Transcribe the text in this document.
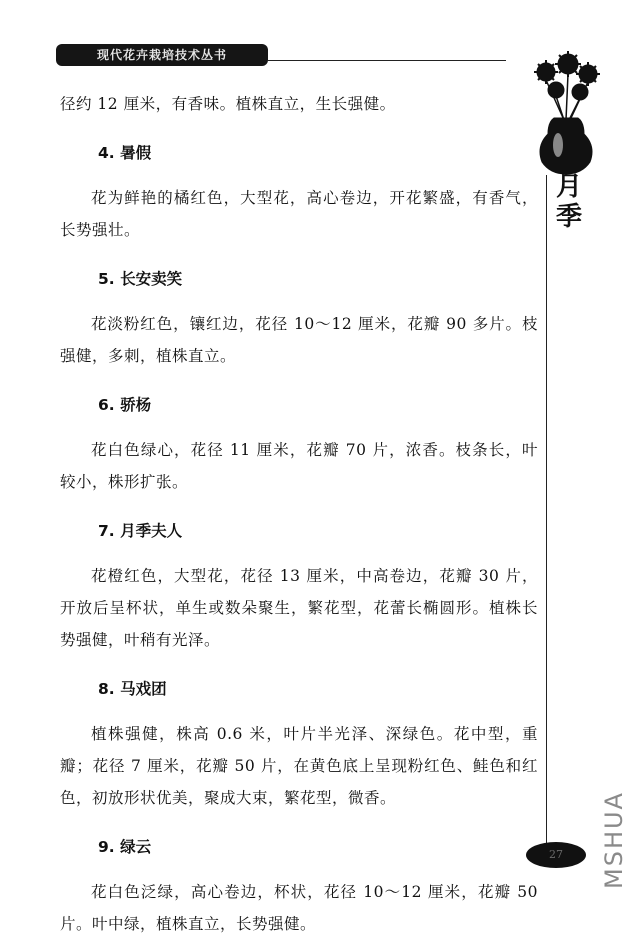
现代花卉栽培技术丛书
月
季

径约 12 厘米，有香味。植株直立，生长强健。

4. 暑假

花为鲜艳的橘红色，大型花，高心卷边，开花繁盛，有香气，长势强壮。

5. 长安卖笑

花淡粉红色，镶红边，花径 10～12 厘米，花瓣 90 多片。枝强健，多刺，植株直立。

6. 骄杨

花白色绿心，花径 11 厘米，花瓣 70 片，浓香。枝条长，叶较小，株形扩张。

7. 月季夫人

花橙红色，大型花，花径 13 厘米，中高卷边，花瓣 30 片，开放后呈杯状，单生或数朵聚生，繁花型，花蕾长椭圆形。植株长势强健，叶稍有光泽。

8. 马戏团

植株强健，株高 0.6 米，叶片半光泽、深绿色。花中型，重瓣；花径 7 厘米，花瓣 50 片，在黄色底上呈现粉红色、鲑色和红色，初放形状优美，聚成大束，繁花型，微香。

9. 绿云

花白色泛绿，高心卷边，杯状，花径 10～12 厘米，花瓣 50 片。叶中绿，植株直立，长势强健。

27	MSHUA
